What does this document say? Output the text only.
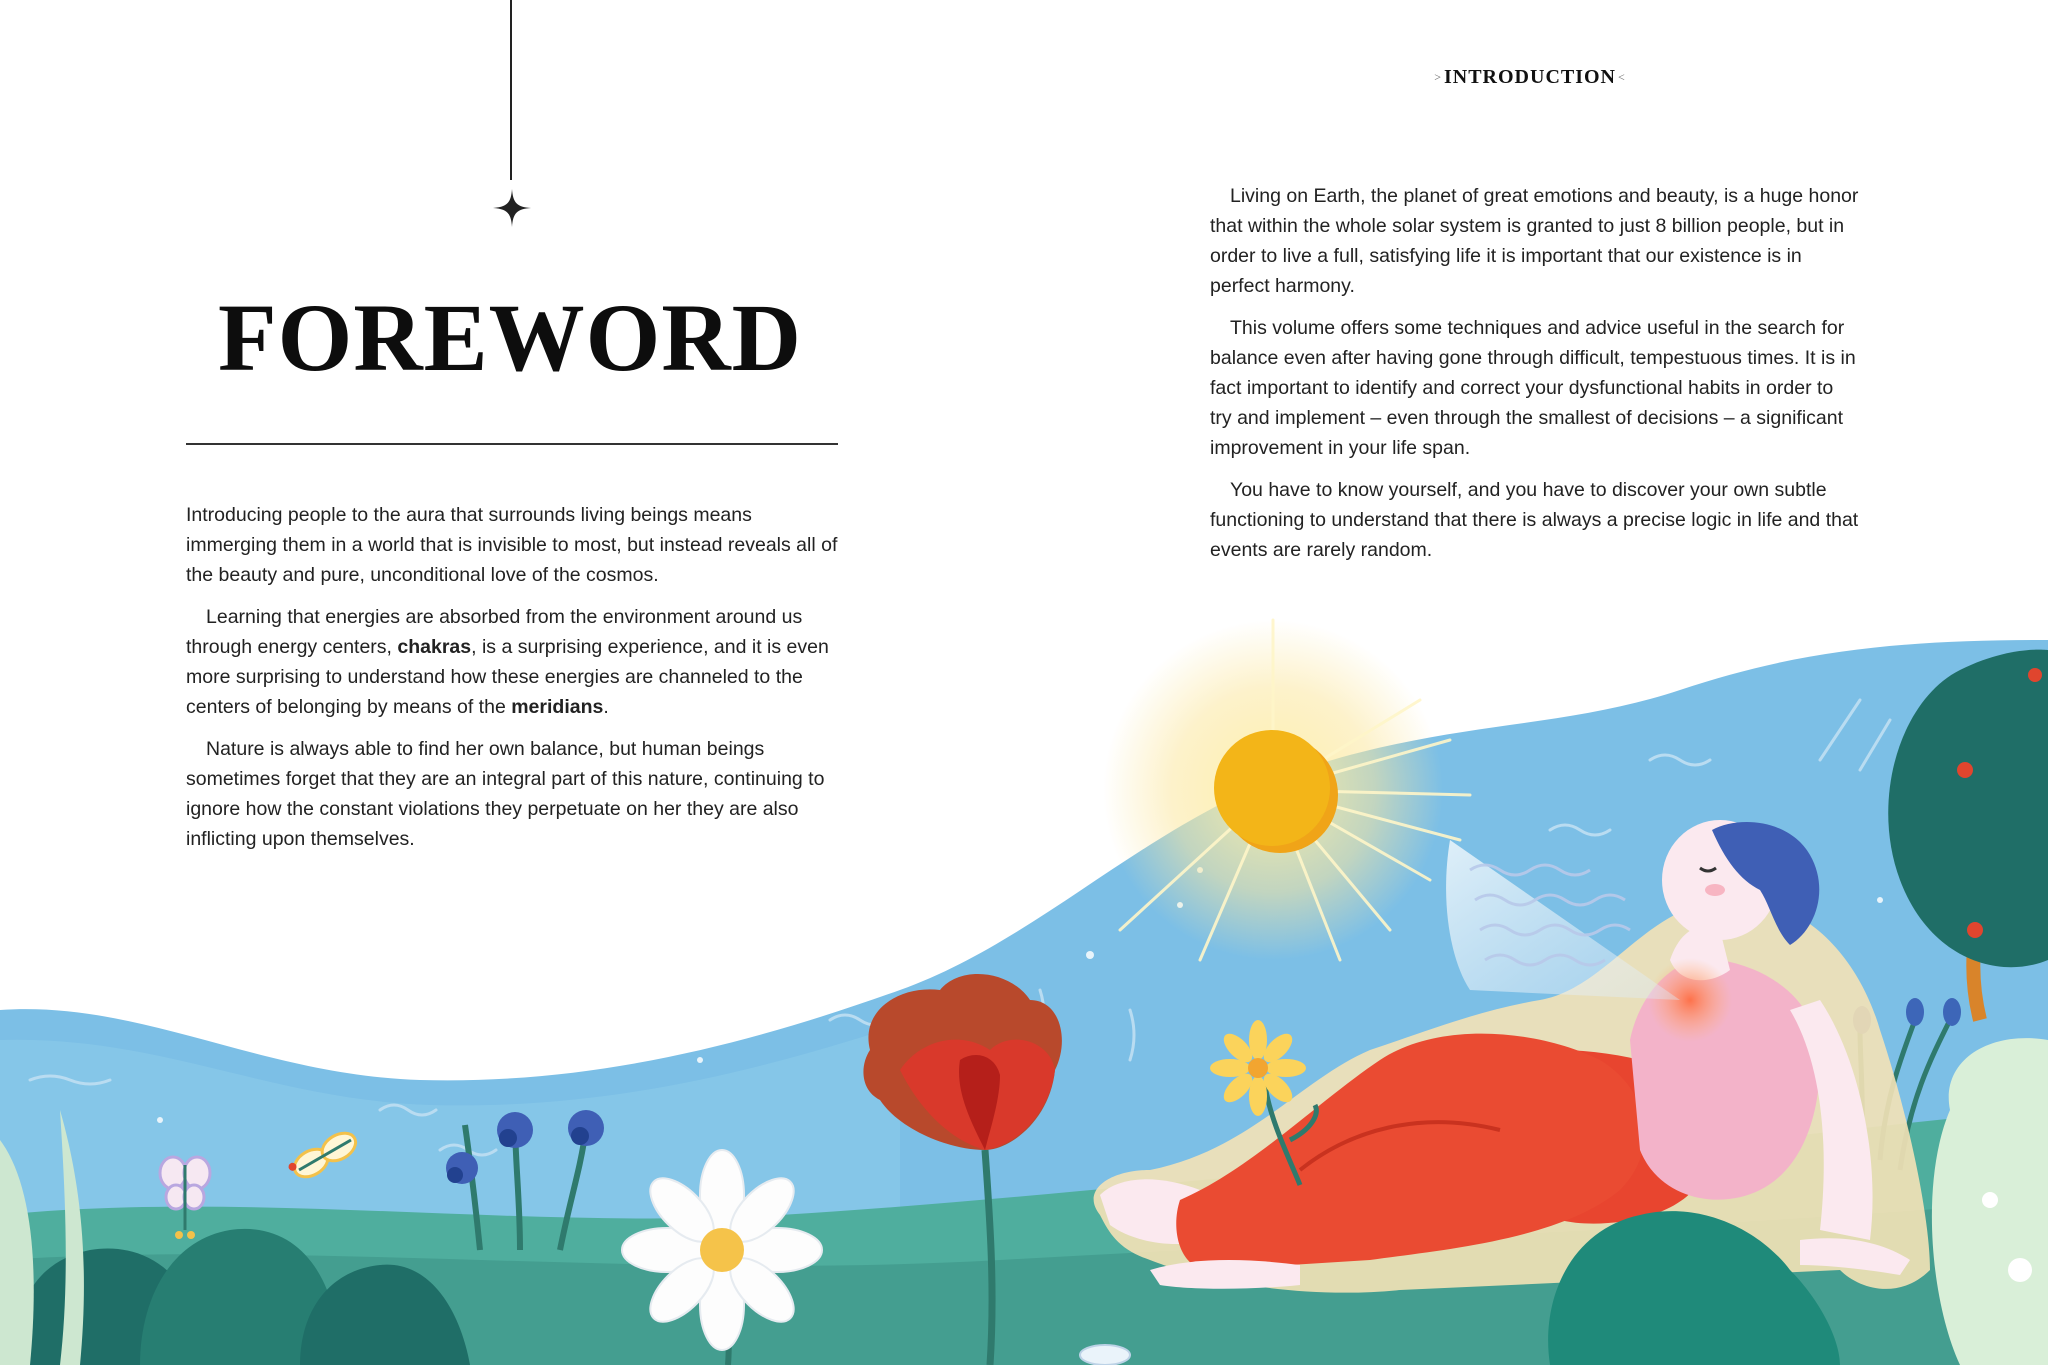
FOREWORD

Introducing people to the aura that surrounds living beings means immerging them in a world that is invisible to most, but instead reveals all of the beauty and pure, unconditional love of the cosmos.

Learning that energies are absorbed from the environment around us through energy centers, chakras, is a surprising experience, and it is even more surprising to understand how these energies are channeled to the centers of belonging by means of the meridians.

Nature is always able to find her own balance, but human beings sometimes forget that they are an integral part of this nature, continuing to ignore how the constant violations they perpetuate on her they are also inflicting upon themselves.

> INTRODUCTION<

Living on Earth, the planet of great emotions and beauty, is a huge honor that within the whole solar system is granted to just 8 billion people, but in order to live a full, satisfying life it is important that our existence is in perfect harmony.

This volume offers some techniques and advice useful in the search for balance even after having gone through difficult, tempestuous times. It is in fact important to identify and correct your dysfunctional habits in order to try and implement – even through the smallest of decisions – a significant improvement in your life span.

You have to know yourself, and you have to discover your own subtle functioning to understand that there is always a precise logic in life and that events are rarely random.
